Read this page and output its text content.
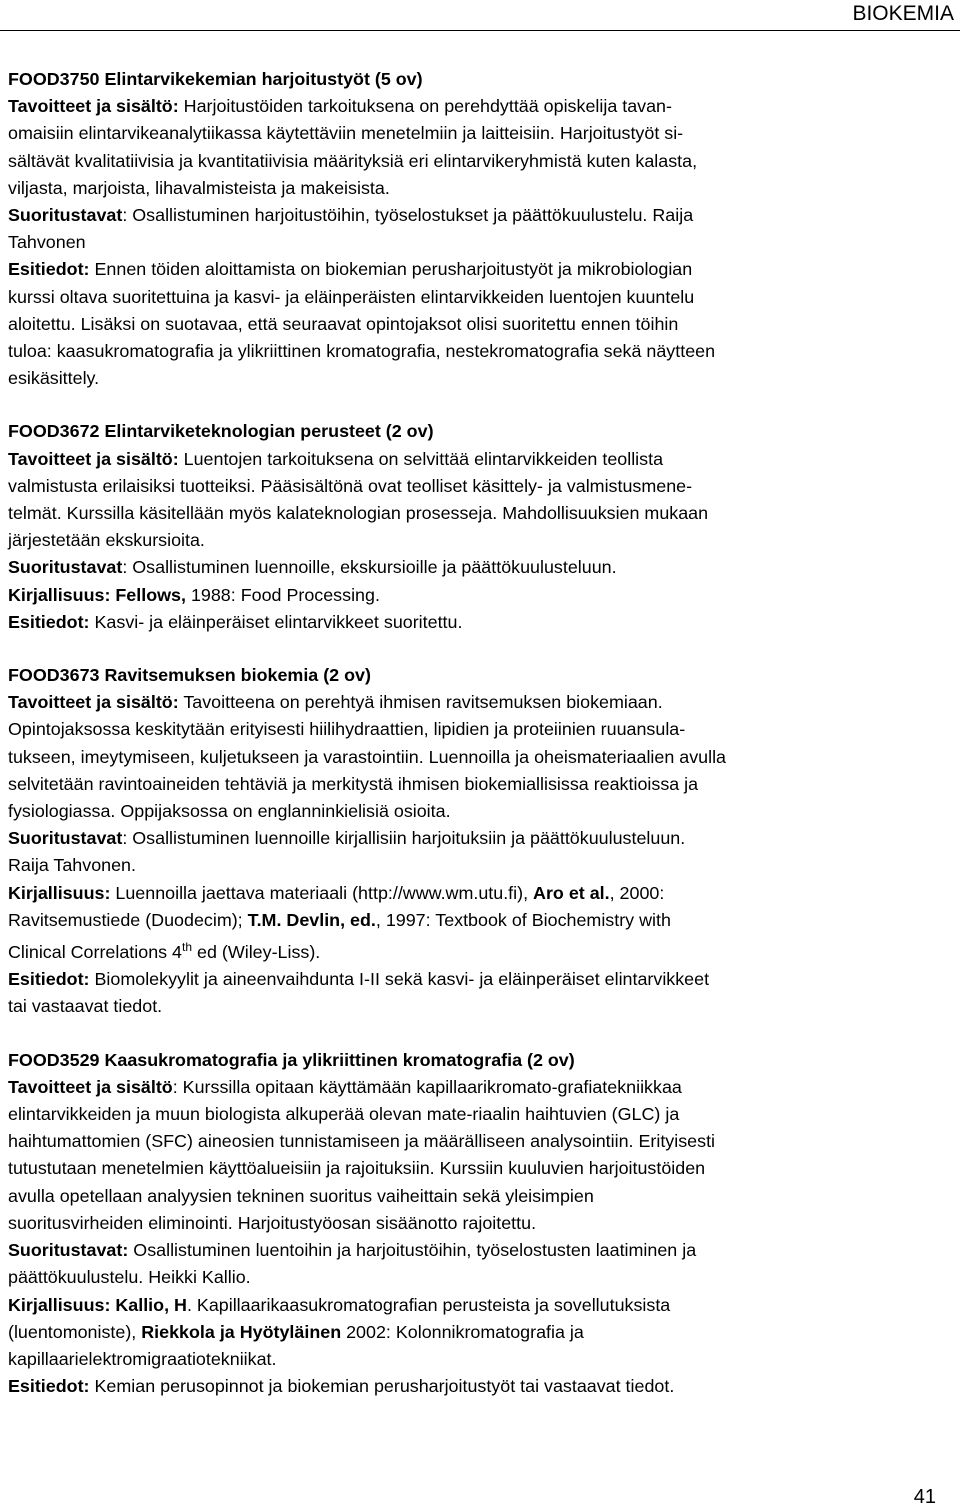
BIOKEMIA

FOOD3750 Elintarvikekemian harjoitustyöt (5 ov)

Tavoitteet ja sisältö: Harjoitustöiden tarkoituksena on perehdyttää opiskelija tavan-

omaisiin elintarvikeanalytiikassa käytettäviin menetelmiin ja laitteisiin. Harjoitustyöt si-

sältävät kvalitatiivisia ja kvantitatiivisia määrityksiä eri elintarvikeryhmistä kuten kalasta,

viljasta, marjoista, lihavalmisteista ja makeisista.

Suoritustavat: Osallistuminen harjoitustöihin, työselostukset ja päättökuulustelu. Raija

Tahvonen

Esitiedot: Ennen töiden aloittamista on biokemian perusharjoitustyöt ja mikrobiologian

kurssi oltava suoritettuina ja kasvi- ja eläinperäisten elintarvikkeiden luentojen kuuntelu

aloitettu. Lisäksi on suotavaa, että seuraavat opintojaksot olisi suoritettu ennen töihin

tuloa: kaasukromatografia ja ylikriittinen kromatografia, nestekromatografia sekä näytteen

esikäsittely.

FOOD3672 Elintarviketeknologian perusteet (2 ov)

Tavoitteet ja sisältö: Luentojen tarkoituksena on selvittää elintarvikkeiden teollista

valmistusta erilaisiksi tuotteiksi. Pääsisältönä ovat teolliset käsittely- ja valmistusmene-

telmät. Kurssilla käsitellään myös kalateknologian prosesseja. Mahdollisuuksien mukaan

järjestetään ekskursioita.

Suoritustavat: Osallistuminen luennoille, ekskursioille ja päättökuulusteluun.

Kirjallisuus: Fellows, 1988: Food Processing.

Esitiedot: Kasvi- ja eläinperäiset elintarvikkeet suoritettu.

FOOD3673 Ravitsemuksen biokemia (2 ov)

Tavoitteet ja sisältö: Tavoitteena on perehtyä ihmisen ravitsemuksen biokemiaan.

Opintojaksossa keskitytään erityisesti hiilihydraattien, lipidien ja proteiinien ruuansula-

tukseen, imeytymiseen, kuljetukseen ja varastointiin. Luennoilla ja oheismateriaalien avulla

selvitetään ravintoaineiden tehtäviä ja merkitystä ihmisen biokemiallisissa reaktioissa ja

fysiologiassa. Oppijaksossa on englanninkielisiä osioita.

Suoritustavat: Osallistuminen luennoille kirjallisiin harjoituksiin ja päättökuulusteluun.

Raija Tahvonen.

Kirjallisuus: Luennoilla jaettava materiaali (http://www.wm.utu.fi), Aro et al., 2000:

Ravitsemustiede (Duodecim); T.M. Devlin, ed., 1997: Textbook of Biochemistry with

Clinical Correlations 4th ed (Wiley-Liss).

Esitiedot: Biomolekyylit ja aineenvaihdunta I-II sekä kasvi- ja eläinperäiset elintarvikkeet

tai vastaavat tiedot.

FOOD3529 Kaasukromatografia ja ylikriittinen kromatografia (2 ov)

Tavoitteet ja sisältö: Kurssilla opitaan käyttämään kapillaarikromato-grafiatekniikkaa

elintarvikkeiden ja muun biologista alkuperää olevan mate-riaalin haihtuvien (GLC) ja

haihtumattomien (SFC) aineosien tunnistamiseen ja määrälliseen analysointiin. Erityisesti

tutustutaan menetelmien käyttöalueisiin ja rajoituksiin. Kurssiin kuuluvien harjoitustöiden

avulla opetellaan analyysien tekninen suoritus vaiheittain sekä yleisimpien

suoritusvirheiden eliminointi. Harjoitustyöosan sisäänotto rajoitettu.

Suoritustavat: Osallistuminen luentoihin ja harjoitustöihin, työselostusten laatiminen ja

päättökuulustelu. Heikki Kallio.

Kirjallisuus: Kallio, H. Kapillaarikaasukromatografian perusteista ja sovellutuksista

(luentomoniste), Riekkola ja Hyötyläinen 2002: Kolonnikromatografia ja

kapillaarielektromigraatiotekniikat.

Esitiedot: Kemian perusopinnot ja biokemian perusharjoitustyöt tai vastaavat tiedot.

41
